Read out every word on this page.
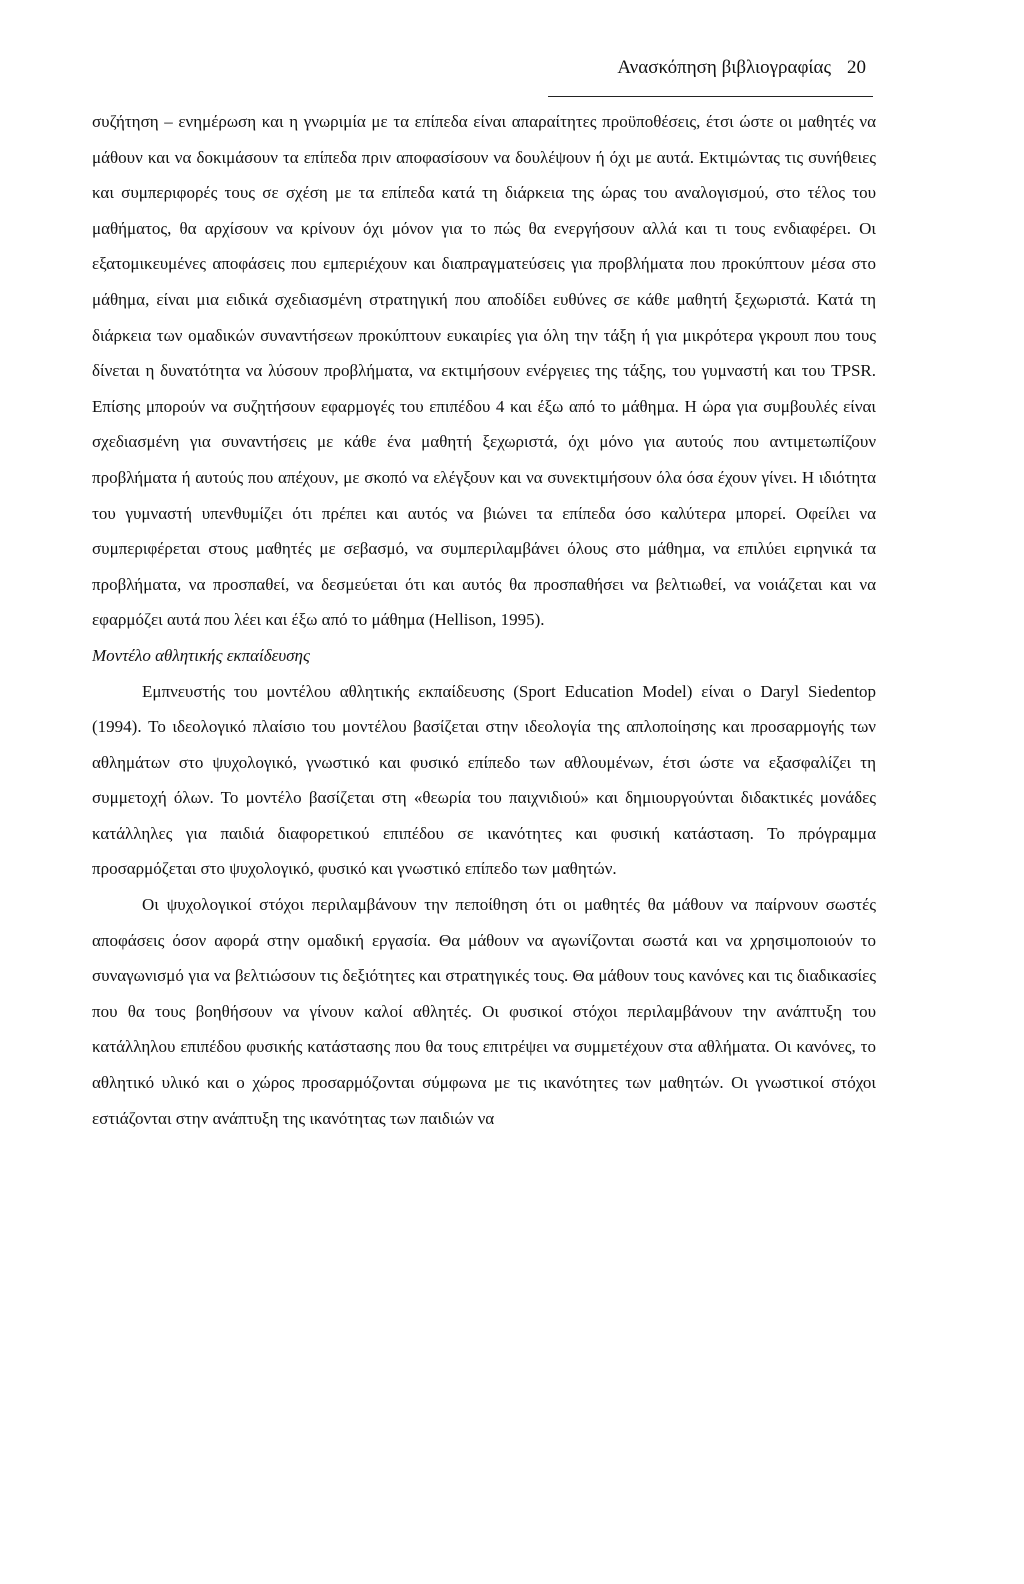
Ανασκόπηση βιβλιογραφίας 20

συζήτηση – ενημέρωση και η γνωριμία με τα επίπεδα είναι απαραίτητες προϋποθέσεις, έτσι ώστε οι μαθητές να μάθουν και να δοκιμάσουν τα επίπεδα πριν αποφασίσουν να δουλέψουν ή όχι με αυτά. Εκτιμώντας τις συνήθειες και συμπεριφορές τους σε σχέση με τα επίπεδα κατά τη διάρκεια της ώρας του αναλογισμού, στο τέλος του μαθήματος, θα αρχίσουν να κρίνουν όχι μόνον για το πώς θα ενεργήσουν αλλά και τι τους ενδιαφέρει. Οι εξατομικευμένες αποφάσεις που εμπεριέχουν και διαπραγματεύσεις για προβλήματα που προκύπτουν μέσα στο μάθημα, είναι μια ειδικά σχεδιασμένη στρατηγική που αποδίδει ευθύνες σε κάθε μαθητή ξεχωριστά. Κατά τη διάρκεια των ομαδικών συναντήσεων προκύπτουν ευκαιρίες για όλη την τάξη ή για μικρότερα γκρουπ που τους δίνεται η δυνατότητα να λύσουν προβλήματα, να εκτιμήσουν ενέργειες της τάξης, του γυμναστή και του TPSR. Επίσης μπορούν να συζητήσουν εφαρμογές του επιπέδου 4 και έξω από το μάθημα. Η ώρα για συμβουλές είναι σχεδιασμένη για συναντήσεις με κάθε ένα μαθητή ξεχωριστά, όχι μόνο για αυτούς που αντιμετωπίζουν προβλήματα ή αυτούς που απέχουν, με σκοπό να ελέγξουν και να συνεκτιμήσουν όλα όσα έχουν γίνει. Η ιδιότητα του γυμναστή υπενθυμίζει ότι πρέπει και αυτός να βιώνει τα επίπεδα όσο καλύτερα μπορεί. Οφείλει να συμπεριφέρεται στους μαθητές με σεβασμό, να συμπεριλαμβάνει όλους στο μάθημα, να επιλύει ειρηνικά τα προβλήματα, να προσπαθεί, να δεσμεύεται ότι και αυτός θα προσπαθήσει να βελτιωθεί, να νοιάζεται και να εφαρμόζει αυτά που λέει και έξω από το μάθημα (Hellison, 1995).

Μοντέλο αθλητικής εκπαίδευσης

Εμπνευστής του μοντέλου αθλητικής εκπαίδευσης (Sport Education Model) είναι ο Daryl Siedentop (1994). Το ιδεολογικό πλαίσιο του μοντέλου βασίζεται στην ιδεολογία της απλοποίησης και προσαρμογής των αθλημάτων στο ψυχολογικό, γνωστικό και φυσικό επίπεδο των αθλουμένων, έτσι ώστε να εξασφαλίζει τη συμμετοχή όλων. Το μοντέλο βασίζεται στη «θεωρία του παιχνιδιού» και δημιουργούνται διδακτικές μονάδες κατάλληλες για παιδιά διαφορετικού επιπέδου σε ικανότητες και φυσική κατάσταση. Το πρόγραμμα προσαρμόζεται στο ψυχολογικό, φυσικό και γνωστικό επίπεδο των μαθητών.

Οι ψυχολογικοί στόχοι περιλαμβάνουν την πεποίθηση ότι οι μαθητές θα μάθουν να παίρνουν σωστές αποφάσεις όσον αφορά στην ομαδική εργασία. Θα μάθουν να αγωνίζονται σωστά και να χρησιμοποιούν το συναγωνισμό για να βελτιώσουν τις δεξιότητες και στρατηγικές τους. Θα μάθουν τους κανόνες και τις διαδικασίες που θα τους βοηθήσουν να γίνουν καλοί αθλητές. Οι φυσικοί στόχοι περιλαμβάνουν την ανάπτυξη του κατάλληλου επιπέδου φυσικής κατάστασης που θα τους επιτρέψει να συμμετέχουν στα αθλήματα. Οι κανόνες, το αθλητικό υλικό και ο χώρος προσαρμόζονται σύμφωνα με τις ικανότητες των μαθητών. Οι γνωστικοί στόχοι εστιάζονται στην ανάπτυξη της ικανότητας των παιδιών να
